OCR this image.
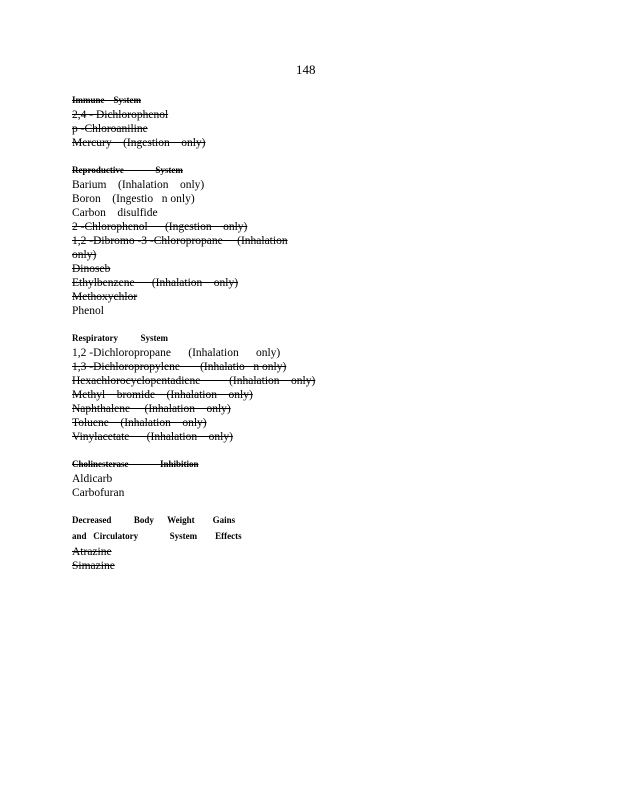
148
Immune    System
2,4 - Dichlorophenol
p -Chloroaniline
Mercury    (Ingestion    only)
Reproductive              System
Barium    (Inhalation    only)
Boron    (Ingestio   n only)
Carbon    disulfide
2 -Chlorophenol      (Ingestion    only)
1,2 -Dibromo -3 -Chloropropane     (Inhalation
only)
Dinoseb
Ethylbenzene      (Inhalation    only)
Methoxychlor
Phenol
Respiratory          System
1,2 -Dichloropropane      (Inhalation      only)
1,3 -Dichloropropylene       (Inhalatio   n only)
Hexachlorocyclopentadiene          (Inhalation    only)
Methyl    bromide    (Inhalation    only)
Naphthalene     (Inhalation    only)
Toluene    (Inhalation    only)
Vinylacetate      (Inhalation    only)
Cholinesterase              Inhibition
Aldicarb
Carbofuran
Decreased          Body      Weight        Gains
and   Circulatory              System        Effects
Atrazine
Simazine
